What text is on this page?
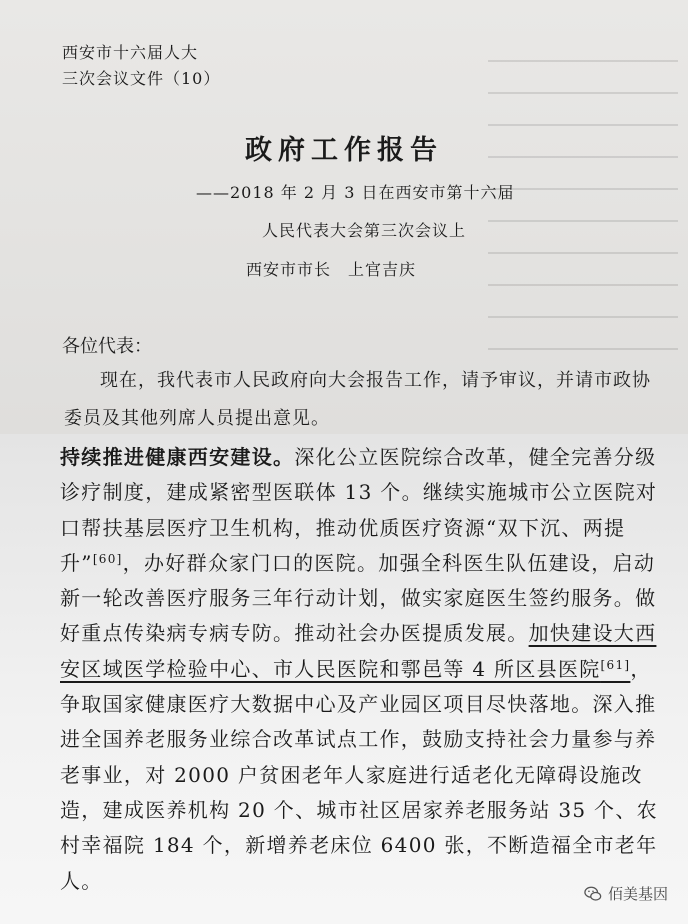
西安市十六届人大
三次会议文件（10）
政府工作报告
——2018 年 2 月 3 日在西安市第十六届
人民代表大会第三次会议上
西安市市长　上官吉庆
各位代表：
现在，我代表市人民政府向大会报告工作，请予审议，并请市政协委员及其他列席人员提出意见。
持续推进健康西安建设。深化公立医院综合改革，健全完善分级诊疗制度，建成紧密型医联体 13 个。继续实施城市公立医院对口帮扶基层医疗卫生机构，推动优质医疗资源“双下沉、两提升”[60]，办好群众家门口的医院。加强全科医生队伍建设，启动新一轮改善医疗服务三年行动计划，做实家庭医生签约服务。做好重点传染病专病专防。推动社会办医提质发展。加快建设大西安区域医学检验中心、市人民医院和鄠邑等 4 所区县医院[61]，争取国家健康医疗大数据中心及产业园区项目尽快落地。深入推进全国养老服务业综合改革试点工作，鼓励支持社会力量参与养老事业，对 2000 户贫困老年人家庭进行适老化无障碍设施改造，建成医养机构 20 个、城市社区居家养老服务站 35 个、农村幸福院 184 个，新增养老床位 6400 张，不断造福全市老年人。
佰美基因
